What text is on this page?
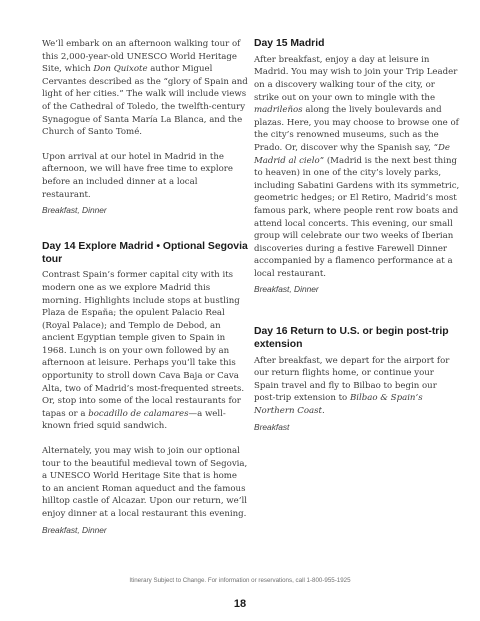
We’ll embark on an afternoon walking tour of this 2,000-year-old UNESCO World Heritage Site, which Don Quixote author Miguel Cervantes described as the “glory of Spain and light of her cities.” The walk will include views of the Cathedral of Toledo, the twelfth-century Synagogue of Santa María La Blanca, and the Church of Santo Tomé.

Upon arrival at our hotel in Madrid in the afternoon, we will have free time to explore before an included dinner at a local restaurant.

Breakfast, Dinner
Day 14 Explore Madrid • Optional Segovia tour

Contrast Spain’s former capital city with its modern one as we explore Madrid this morning. Highlights include stops at bustling Plaza de España; the opulent Palacio Real (Royal Palace); and Templo de Debod, an ancient Egyptian temple given to Spain in 1968. Lunch is on your own followed by an afternoon at leisure. Perhaps you’ll take this opportunity to stroll down Cava Baja or Cava Alta, two of Madrid’s most-frequented streets. Or, stop into some of the local restaurants for tapas or a bocadillo de calamares—a well-known fried squid sandwich.

Alternately, you may wish to join our optional tour to the beautiful medieval town of Segovia, a UNESCO World Heritage Site that is home to an ancient Roman aqueduct and the famous hilltop castle of Alcazar. Upon our return, we’ll enjoy dinner at a local restaurant this evening.

Breakfast, Dinner
Day 15 Madrid

After breakfast, enjoy a day at leisure in Madrid. You may wish to join your Trip Leader on a discovery walking tour of the city, or strike out on your own to mingle with the madrileños along the lively boulevards and plazas. Here, you may choose to browse one of the city’s renowned museums, such as the Prado. Or, discover why the Spanish say, “De Madrid al cielo” (Madrid is the next best thing to heaven) in one of the city’s lovely parks, including Sabatini Gardens with its symmetric, geometric hedges; or El Retiro, Madrid’s most famous park, where people rent row boats and attend local concerts. This evening, our small group will celebrate our two weeks of Iberian discoveries during a festive Farewell Dinner accompanied by a flamenco performance at a local restaurant.

Breakfast, Dinner
Day 16 Return to U.S. or begin post-trip extension

After breakfast, we depart for the airport for our return flights home, or continue your Spain travel and fly to Bilbao to begin our post-trip extension to Bilbao & Spain’s Northern Coast.

Breakfast
Itinerary Subject to Change. For information or reservations, call 1-800-955-1925
18
